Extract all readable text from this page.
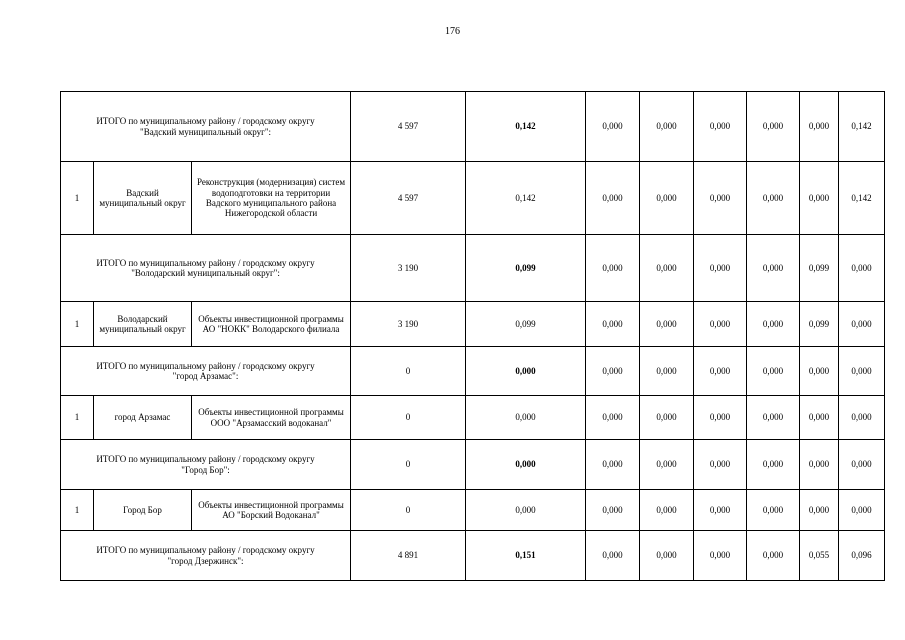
176
ИТОГО по муниципальному району / городскому округу
"Вадский муниципальный округ":			4 597	0,142	0,000	0,000	0,000	0,000	0,000	0,142
1	Вадский муниципальный округ	Реконструкция (модернизация) систем водоподготовки на территории Вадского муниципального района Нижегородской области	4 597	0,142	0,000	0,000	0,000	0,000	0,000	0,142

ИТОГО по муниципальному району / городскому округу
"Володарский муниципальный округ":			3 190	0,099	0,000	0,000	0,000	0,000	0,099	0,000
1	Володарский муниципальный округ	Объекты инвестиционной программы АО "НОКК" Володарского филиала	3 190	0,099	0,000	0,000	0,000	0,000	0,099	0,000

ИТОГО по муниципальному району / городскому округу
"город Арзамас":			0	0,000	0,000	0,000	0,000	0,000	0,000	0,000
1	город Арзамас	Объекты инвестиционной программы ООО "Арзамасский водоканал"	0	0,000	0,000	0,000	0,000	0,000	0,000	0,000

ИТОГО по муниципальному району / городскому округу
"Город Бор":			0	0,000	0,000	0,000	0,000	0,000	0,000	0,000
1	Город Бор	Объекты инвестиционной программы АО "Борский Водоканал"	0	0,000	0,000	0,000	0,000	0,000	0,000	0,000

ИТОГО по муниципальному району / городскому округу
"город Дзержинск":			4 891	0,151	0,000	0,000	0,000	0,000	0,055	0,096
